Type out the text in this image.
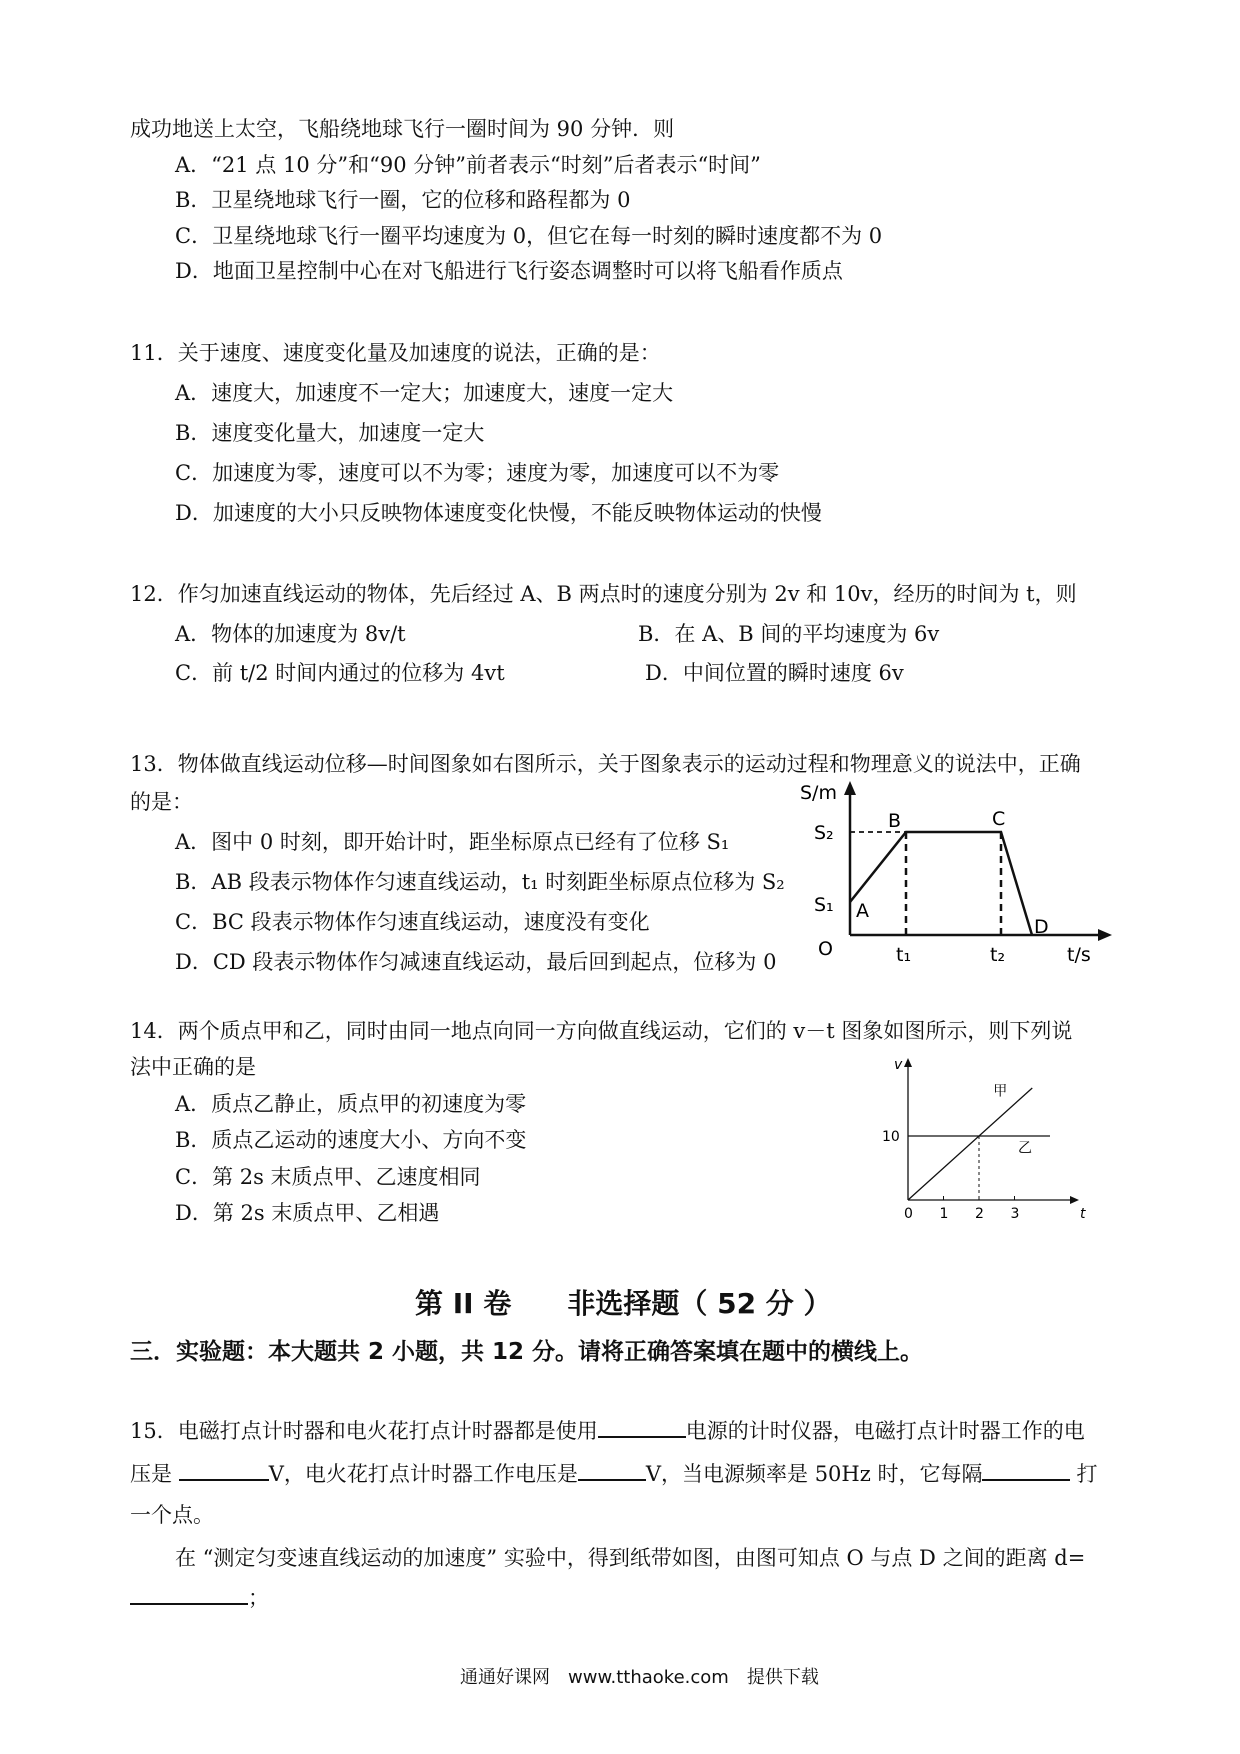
成功地送上太空，飞船绕地球飞行一圈时间为 90 分钟．则
A．“21 点 10 分”和“90 分钟”前者表示“时刻”后者表示“时间”
B．卫星绕地球飞行一圈，它的位移和路程都为 0
C．卫星绕地球飞行一圈平均速度为 0，但它在每一时刻的瞬时速度都不为 0
D．地面卫星控制中心在对飞船进行飞行姿态调整时可以将飞船看作质点
11．关于速度、速度变化量及加速度的说法，正确的是：
A．速度大，加速度不一定大；加速度大，速度一定大
B．速度变化量大，加速度一定大
C．加速度为零，速度可以不为零；速度为零，加速度可以不为零
D．加速度的大小只反映物体速度变化快慢，不能反映物体运动的快慢
12．作匀加速直线运动的物体，先后经过 A、B 两点时的速度分别为 2v 和 10v，经历的时间为 t，则
A．物体的加速度为 8v/t	B．在 A、B 间的平均速度为 6v
C．前 t/2 时间内通过的位移为 4vt	D．中间位置的瞬时速度 6v
13．物体做直线运动位移—时间图象如右图所示，关于图象表示的运动过程和物理意义的说法中，正确
的是：
A．图中 0 时刻，即开始计时，距坐标原点已经有了位移 S₁
B．AB 段表示物体作匀速直线运动，t₁ 时刻距坐标原点位移为 S₂
C．BC 段表示物体作匀速直线运动，速度没有变化
D．CD 段表示物体作匀减速直线运动，最后回到起点，位移为 0
S/m
t/s
O
S₂
S₁
t₁	t₂
A
B	C
D
14．两个质点甲和乙，同时由同一地点向同一方向做直线运动，它们的 v－t 图象如图所示，则下列说
法中正确的是
A．质点乙静止，质点甲的初速度为零
B．质点乙运动的速度大小、方向不变
C．第 2s 末质点甲、乙速度相同
D．第 2s 末质点甲、乙相遇
v
t
0 1 2 3
10
甲
乙
第 II 卷　　非选择题（ 52 分 ）
三．实验题：本大题共 2 小题，共 12 分。请将正确答案填在题中的横线上。
15．电磁打点计时器和电火花打点计时器都是使用	电源的计时仪器，电磁打点计时器工作的电
压是	V，电火花打点计时器工作电压是	V，当电源频率是 50Hz 时，它每隔	打
一个点。
在 “测定匀变速直线运动的加速度” 实验中，得到纸带如图，由图可知点 O 与点 D 之间的距离 d=
；
通通好课网　www.tthaoke.com　提供下载
